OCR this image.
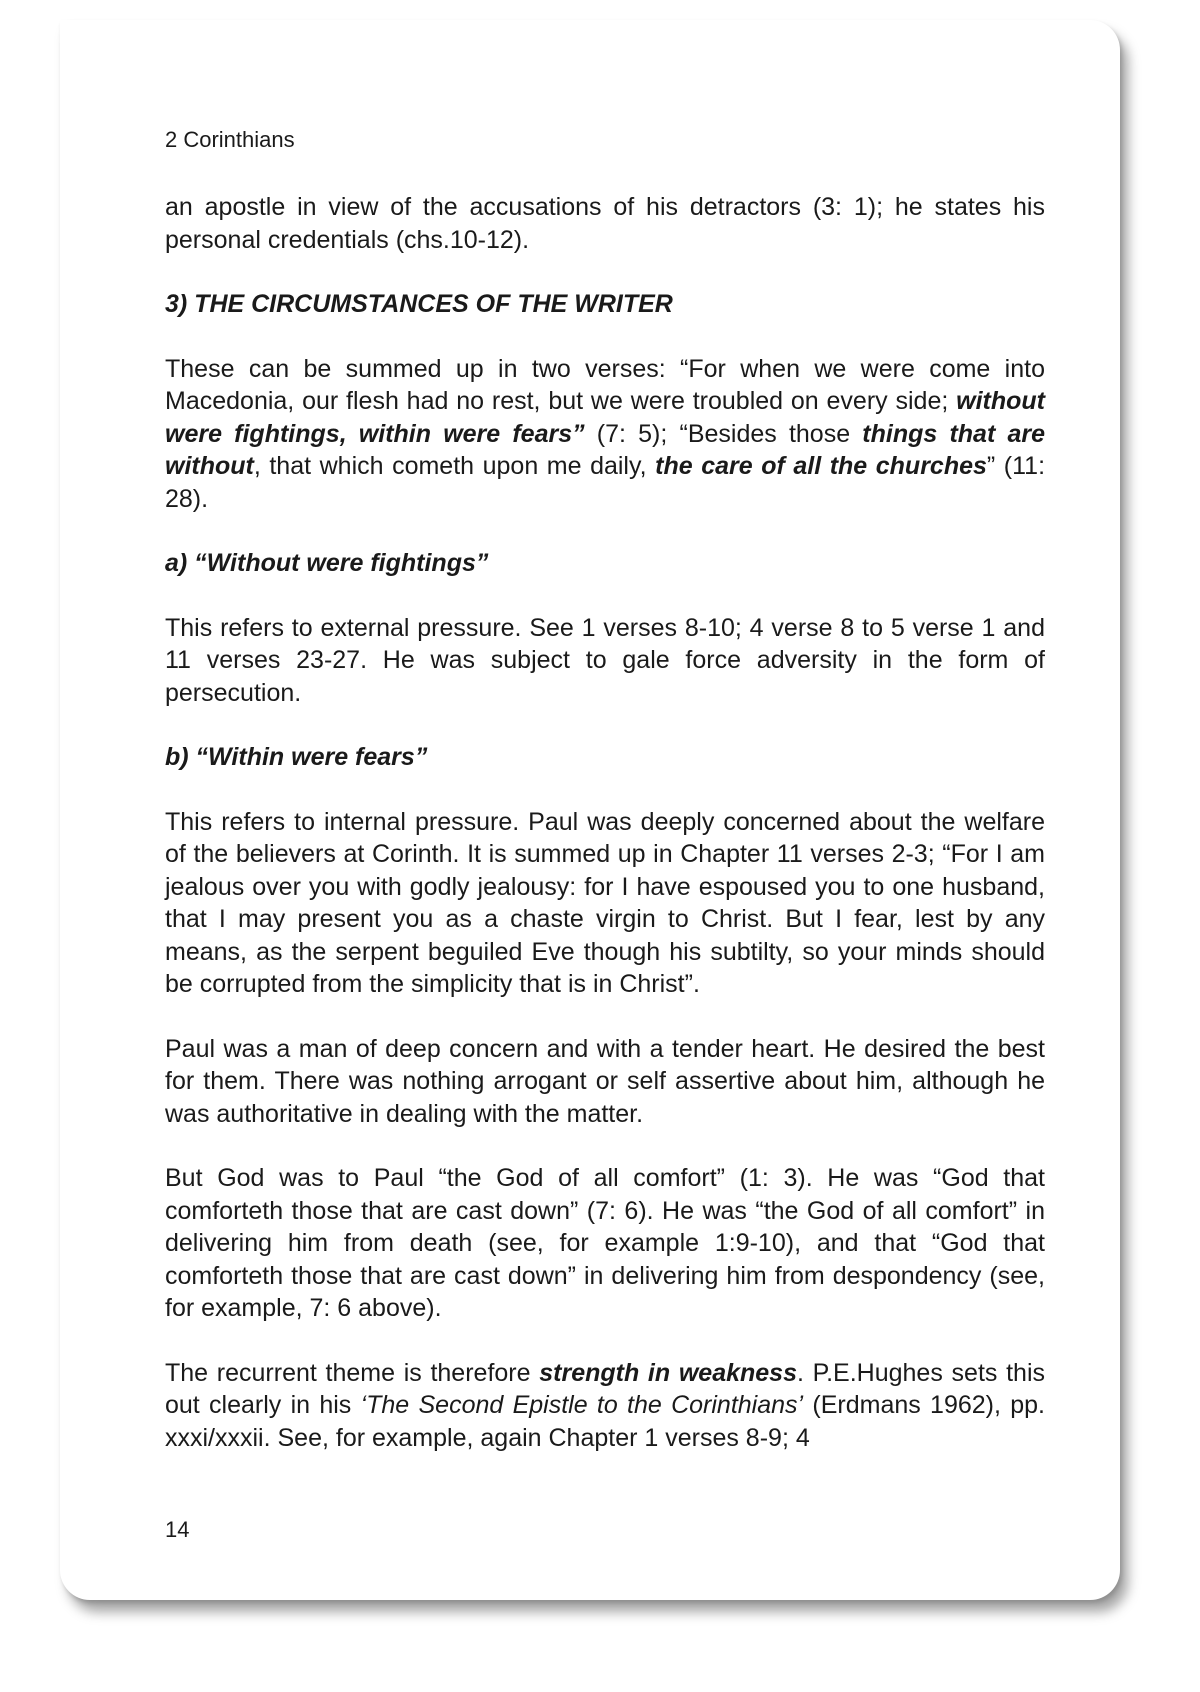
2 Corinthians

an apostle in view of the accusations of his detractors (3: 1); he states his personal credentials (chs.10-12).

3) THE CIRCUMSTANCES OF THE WRITER

These can be summed up in two verses: “For when we were come into Macedonia, our flesh had no rest, but we were troubled on every side; without were fightings, within were fears” (7: 5); “Besides those things that are without, that which cometh upon me daily, the care of all the churches” (11: 28).

a) “Without were fightings”

This refers to external pressure. See 1 verses 8-10; 4 verse 8 to 5 verse 1 and 11 verses 23-27. He was subject to gale force adversity in the form of persecution.

b) “Within were fears”

This refers to internal pressure. Paul was deeply concerned about the welfare of the believers at Corinth. It is summed up in Chapter 11 verses 2-3; “For I am jealous over you with godly jealousy: for I have espoused you to one husband, that I may present you as a chaste virgin to Christ. But I fear, lest by any means, as the serpent beguiled Eve though his subtilty, so your minds should be corrupted from the simplicity that is in Christ”.

Paul was a man of deep concern and with a tender heart. He desired the best for them. There was nothing arrogant or self assertive about him, although he was authoritative in dealing with the matter.

But God was to Paul “the God of all comfort” (1: 3). He was “God that comforteth those that are cast down” (7: 6). He was “the God of all comfort” in delivering him from death (see, for example 1:9-10), and that “God that comforteth those that are cast down” in delivering him from despondency (see, for example, 7: 6 above).

The recurrent theme is therefore strength in weakness. P.E.Hughes sets this out clearly in his ‘The Second Epistle to the Corinthians’ (Erdmans 1962), pp. xxxi/xxxii. See, for example, again Chapter 1 verses 8-9; 4

14
